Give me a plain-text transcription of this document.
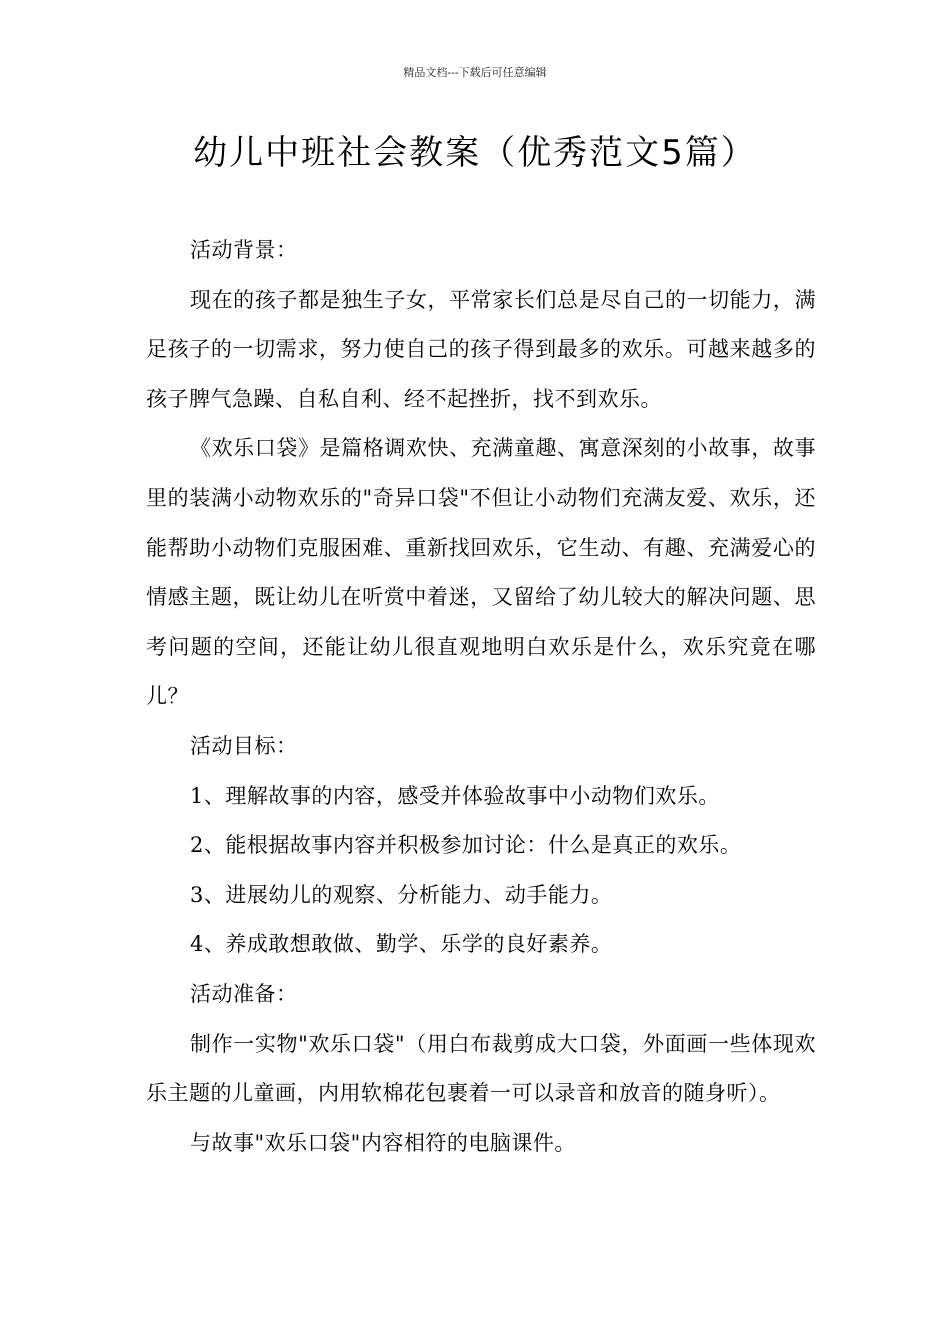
精品文档---下载后可任意编辑
幼儿中班社会教案（优秀范文5篇）

活动背景：

现在的孩子都是独生子女，平常家长们总是尽自己的一切能力，满足孩子的一切需求，努力使自己的孩子得到最多的欢乐。可越来越多的孩子脾气急躁、自私自利、经不起挫折，找不到欢乐。

《欢乐口袋》是篇格调欢快、充满童趣、寓意深刻的小故事，故事里的装满小动物欢乐的"奇异口袋"不但让小动物们充满友爱、欢乐，还能帮助小动物们克服困难、重新找回欢乐，它生动、有趣、充满爱心的情感主题，既让幼儿在听赏中着迷，又留给了幼儿较大的解决问题、思考问题的空间，还能让幼儿很直观地明白欢乐是什么，欢乐究竟在哪儿？

活动目标：

1、理解故事的内容，感受并体验故事中小动物们欢乐。

2、能根据故事内容并积极参加讨论：什么是真正的欢乐。

3、进展幼儿的观察、分析能力、动手能力。

4、养成敢想敢做、勤学、乐学的良好素养。

活动准备：

制作一实物"欢乐口袋"（用白布裁剪成大口袋，外面画一些体现欢乐主题的儿童画，内用软棉花包裹着一可以录音和放音的随身听）。

与故事"欢乐口袋"内容相符的电脑课件。
